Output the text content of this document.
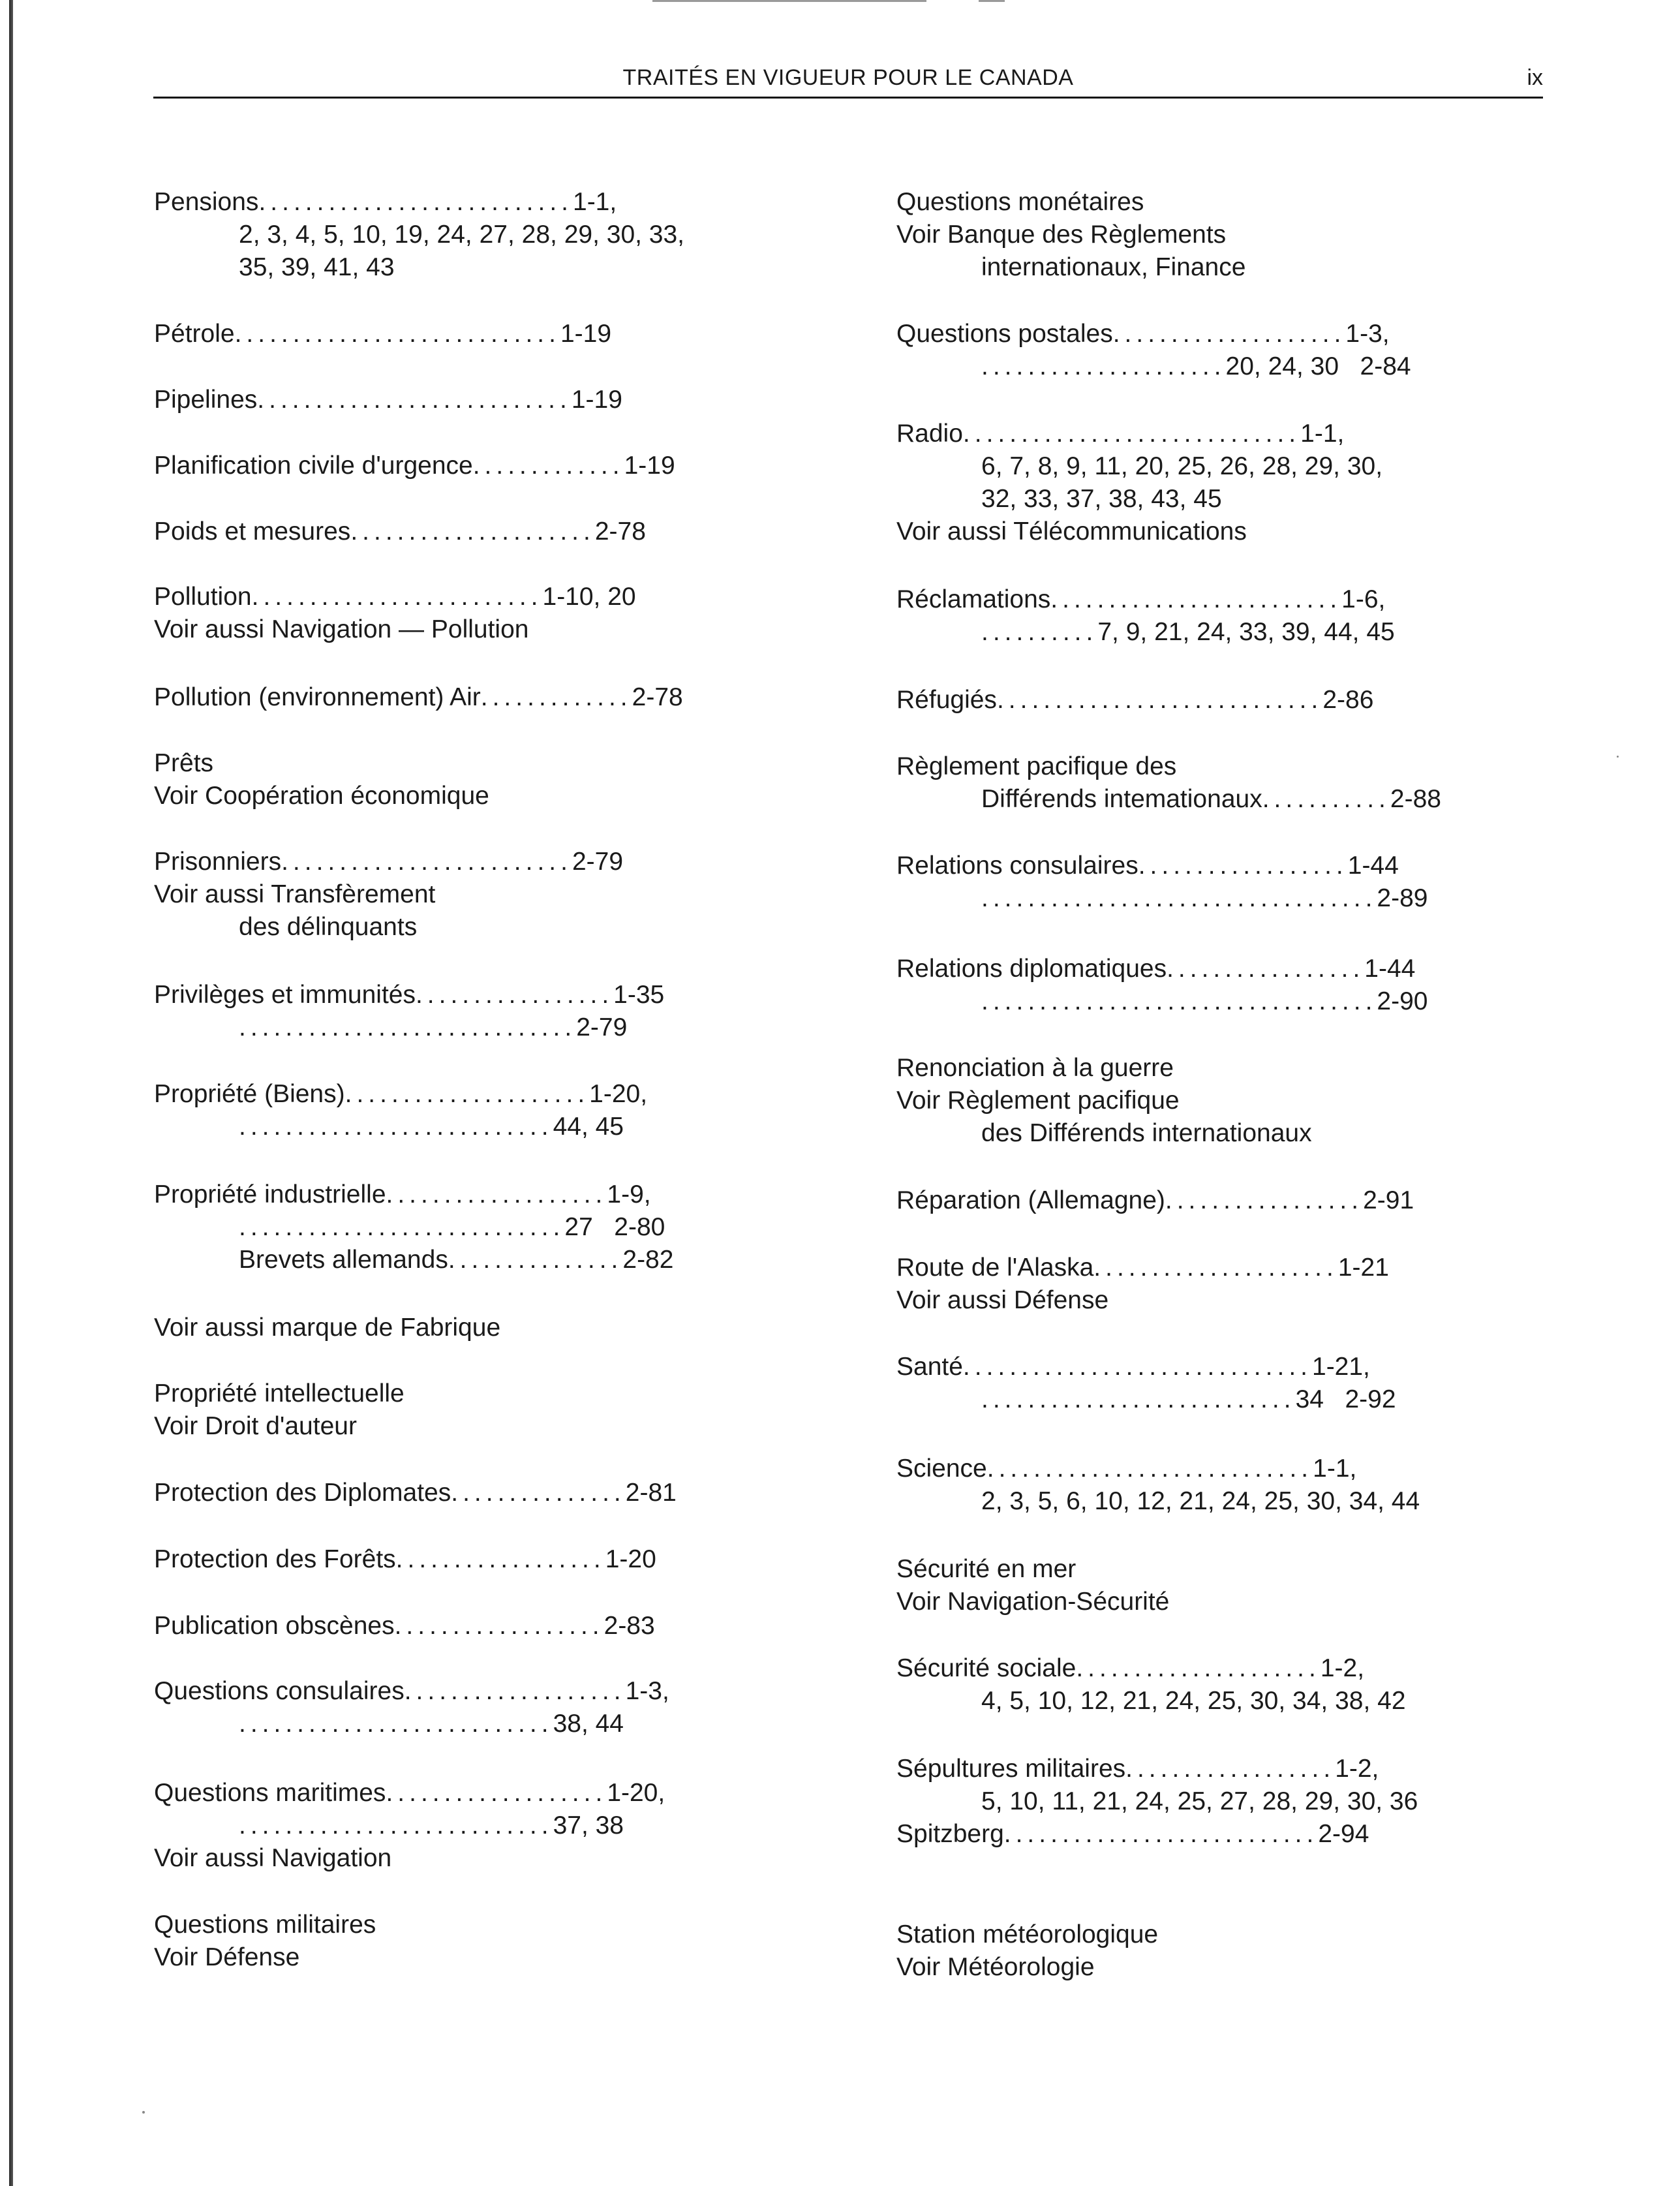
TRAITÉS EN VIGUEUR POUR LE CANADA	ix
Pensions...........................1-1,
2, 3, 4, 5, 10, 19, 24, 27, 28, 29, 30, 33,
35, 39, 41, 43
Pétrole............................1-19
Pipelines...........................1-19
Planification civile d'urgence.............1-19
Poids et mesures.....................2-78
Pollution.........................1-10, 20
Voir aussi Navigation — Pollution
Pollution (environnement) Air.............2-78
Prêts
Voir Coopération économique
Prisonniers.........................2-79
Voir aussi Transfèrement
des délinquants
Privilèges et immunités.................1-35
.............................2-79
Propriété (Biens).....................1-20,
...........................44, 45
Propriété industrielle...................1-9,
............................27   2-80
Brevets allemands...............2-82
Voir aussi marque de Fabrique
Propriété intellectuelle
Voir Droit d'auteur
Protection des Diplomates...............2-81
Protection des Forêts..................1-20
Publication obscènes..................2-83
Questions consulaires...................1-3,
...........................38, 44
Questions maritimes...................1-20,
...........................37, 38
Voir aussi Navigation
Questions militaires
Voir Défense
Questions monétaires
Voir Banque des Règlements
internationaux, Finance
Questions postales....................1-3,
.....................20, 24, 30   2-84
Radio.............................1-1,
6, 7, 8, 9, 11, 20, 25, 26, 28, 29, 30,
32, 33, 37, 38, 43, 45
Voir aussi Télécommunications
Réclamations.........................1-6,
..........7, 9, 21, 24, 33, 39, 44, 45
Réfugiés............................2-86
Règlement pacifique des
Différends intemationaux...........2-88
Relations consulaires..................1-44
..................................2-89
Relations diplomatiques.................1-44
..................................2-90
Renonciation à la guerre
Voir Règlement pacifique
des Différends internationaux
Réparation (Allemagne).................2-91
Route de l'Alaska.....................1-21
Voir aussi Défense
Santé..............................1-21,
...........................34   2-92
Science............................1-1,
2, 3, 5, 6, 10, 12, 21, 24, 25, 30, 34, 44
Sécurité en mer
Voir Navigation-Sécurité
Sécurité sociale.....................1-2,
4, 5, 10, 12, 21, 24, 25, 30, 34, 38, 42
Sépultures militaires..................1-2,
5, 10, 11, 21, 24, 25, 27, 28, 29, 30, 36
Spitzberg...........................2-94
Station météorologique
Voir Météorologie
